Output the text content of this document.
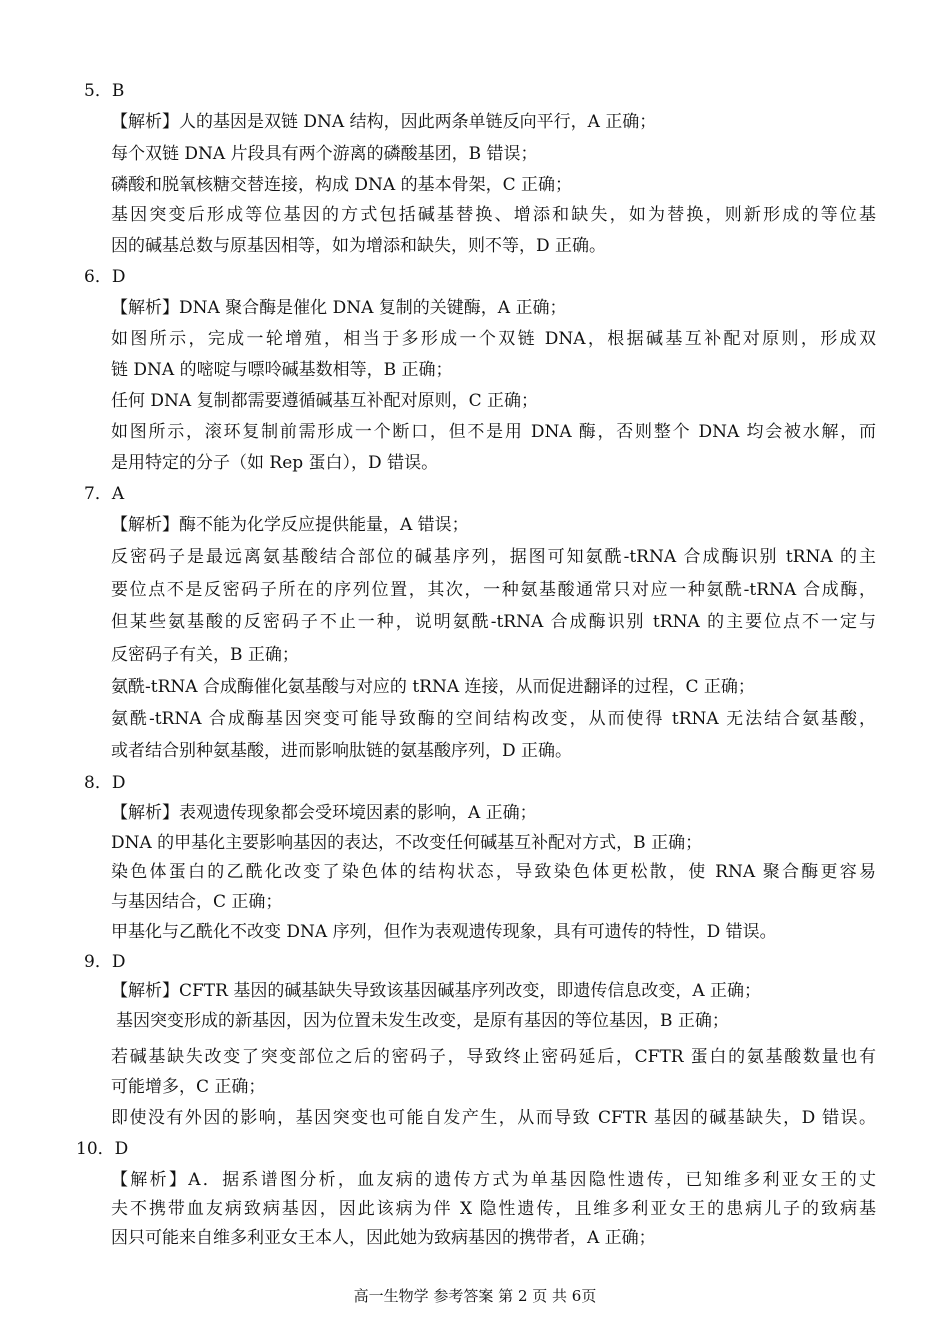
5．B
【解析】人的基因是双链 DNA 结构，因此两条单链反向平行，A 正确；
每个双链 DNA 片段具有两个游离的磷酸基团，B 错误；
磷酸和脱氧核糖交替连接，构成 DNA 的基本骨架，C 正确；
基因突变后形成等位基因的方式包括碱基替换、增添和缺失，如为替换，则新形成的等位基
因的碱基总数与原基因相等，如为增添和缺失，则不等，D 正确。
6．D
【解析】DNA 聚合酶是催化 DNA 复制的关键酶，A 正确；
如图所示，完成一轮增殖，相当于多形成一个双链 DNA，根据碱基互补配对原则，形成双
链 DNA 的嘧啶与嘌呤碱基数相等，B 正确；
任何 DNA 复制都需要遵循碱基互补配对原则，C 正确；
如图所示，滚环复制前需形成一个断口，但不是用 DNA 酶，否则整个 DNA 均会被水解，而
是用特定的分子（如 Rep 蛋白），D 错误。
7．A
【解析】酶不能为化学反应提供能量，A 错误；
反密码子是最远离氨基酸结合部位的碱基序列，据图可知氨酰-tRNA 合成酶识别 tRNA 的主
要位点不是反密码子所在的序列位置，其次，一种氨基酸通常只对应一种氨酰-tRNA 合成酶，
但某些氨基酸的反密码子不止一种，说明氨酰-tRNA 合成酶识别 tRNA 的主要位点不一定与
反密码子有关，B 正确；
氨酰-tRNA 合成酶催化氨基酸与对应的 tRNA 连接，从而促进翻译的过程，C 正确；
氨酰-tRNA 合成酶基因突变可能导致酶的空间结构改变，从而使得 tRNA 无法结合氨基酸，
或者结合别种氨基酸，进而影响肽链的氨基酸序列，D 正确。
8．D
【解析】表观遗传现象都会受环境因素的影响，A 正确；
DNA 的甲基化主要影响基因的表达，不改变任何碱基互补配对方式，B 正确；
染色体蛋白的乙酰化改变了染色体的结构状态，导致染色体更松散，使 RNA 聚合酶更容易
与基因结合，C 正确；
甲基化与乙酰化不改变 DNA 序列，但作为表观遗传现象，具有可遗传的特性，D 错误。
9．D
【解析】CFTR 基因的碱基缺失导致该基因碱基序列改变，即遗传信息改变，A 正确；
基因突变形成的新基因，因为位置未发生改变，是原有基因的等位基因，B 正确；
若碱基缺失改变了突变部位之后的密码子，导致终止密码延后，CFTR 蛋白的氨基酸数量也有
可能增多，C 正确；
即使没有外因的影响，基因突变也可能自发产生，从而导致 CFTR 基因的碱基缺失，D 错误。
10．D
【解析】A．据系谱图分析，血友病的遗传方式为单基因隐性遗传，已知维多利亚女王的丈
夫不携带血友病致病基因，因此该病为伴 X 隐性遗传，且维多利亚女王的患病儿子的致病基
因只可能来自维多利亚女王本人，因此她为致病基因的携带者，A 正确；
高一生物学 参考答案 第 2 页 共 6页
